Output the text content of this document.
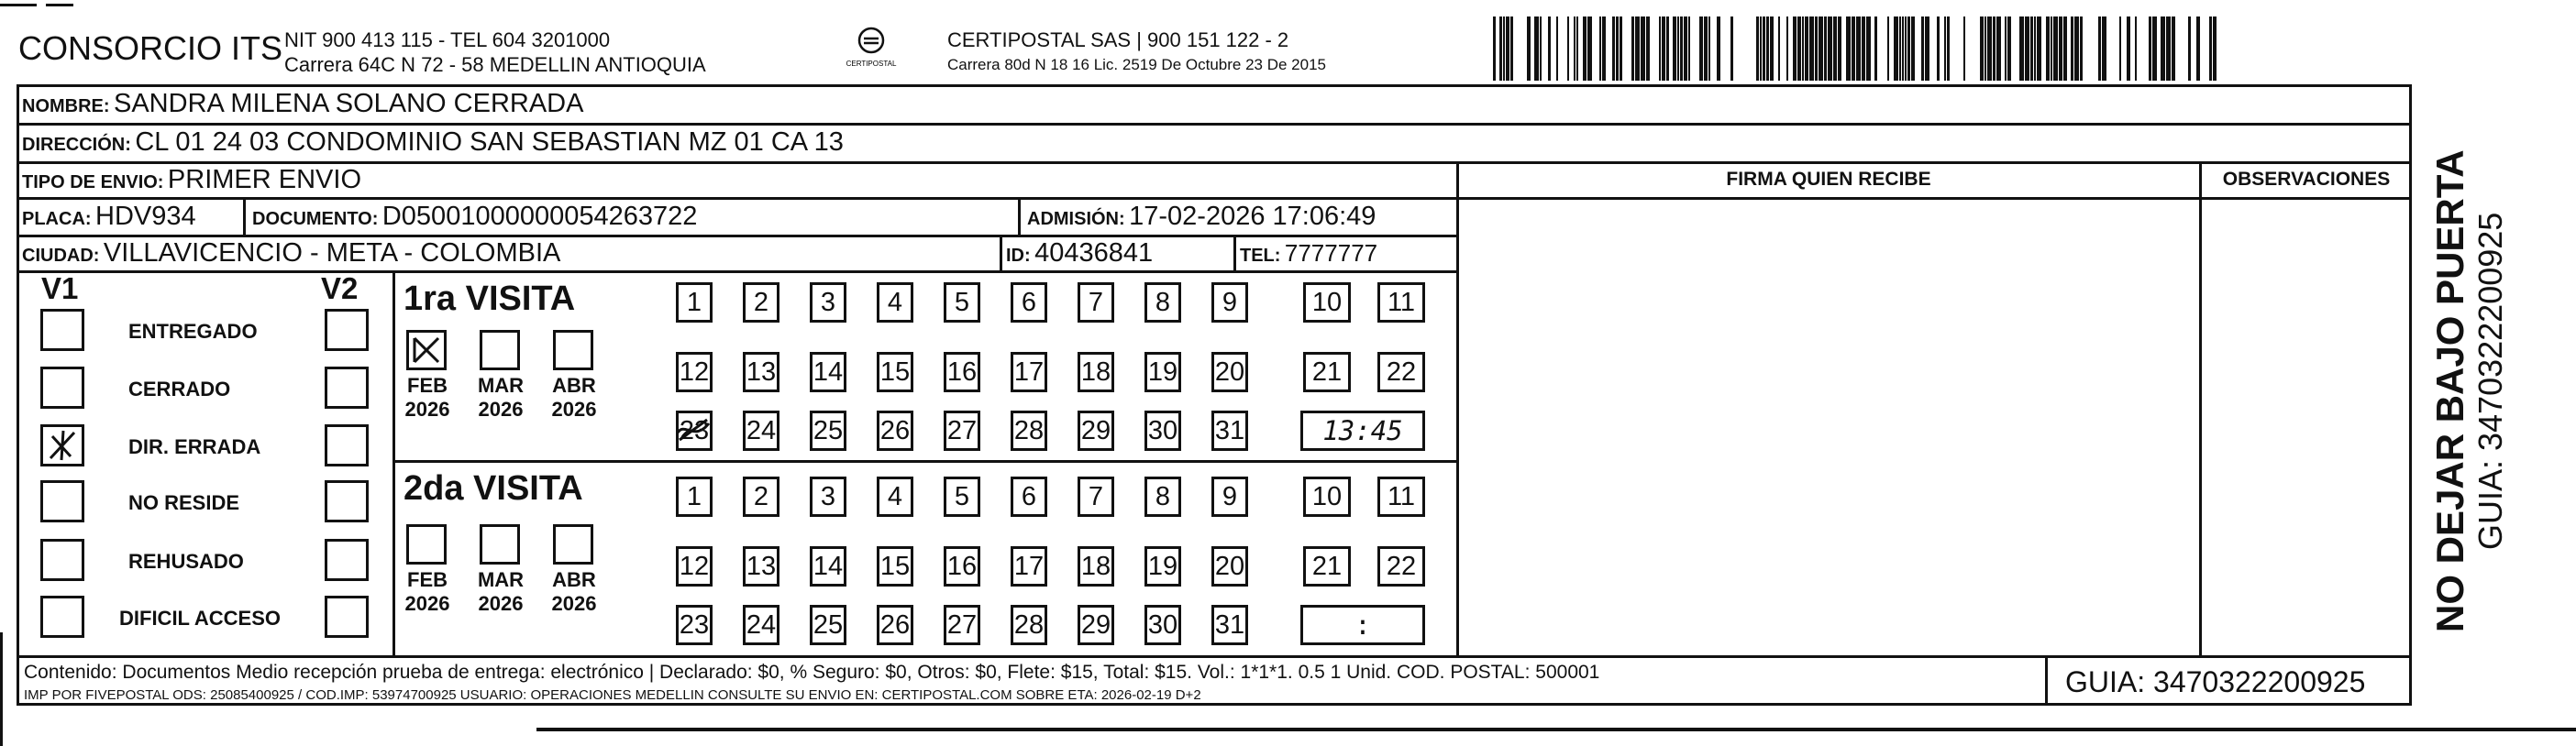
CONSORCIO ITS NIT 900 413 115 - TEL 604 3201000
Carrera 64C N 72 - 58 MEDELLIN ANTIOQUIA	CERTIPOSTAL
CERTIPOSTAL SAS | 900 151 122 - 2
Carrera 80d N 18 16 Lic. 2519 De Octubre 23 De 2015
NOMBRE: SANDRA MILENA SOLANO CERRADA
DIRECCIÓN: CL 01 24 03 CONDOMINIO SAN SEBASTIAN MZ 01 CA 13
TIPO DE ENVIO: PRIMER ENVIO
PLACA: HDV934	DOCUMENTO: D05001000000054263722	ADMISIÓN: 17-02-2026 17:06:49
CIUDAD: VILLAVICENCIO - META - COLOMBIA	ID: 40436841	TEL: 7777777
FIRMA QUIEN RECIBE	OBSERVACIONES
V1	V2
ENTREGADO
CERRADO
DIR. ERRADA
NO RESIDE
REHUSADO
DIFICIL ACCESO
1ra VISITA
2da VISITA
1	2	3	4	5	6	7	8	9	10	11
12 13 14 15 16 17 18 19 20	21	22
23 24 25 26 27 28 29 30 31	13:45
FEB
2026
MAR
2026
ABR
2026
1	2	3	4	5	6	7	8	9	10	11
12 13 14 15 16 17 18 19 20	21	22
23 24 25 26 27 28 29 30 31	:
FEB
2026
MAR
2026
ABR
2026
Contenido: Documentos Medio recepción prueba de entrega: electrónico | Declarado: $0, % Seguro: $0, Otros: $0, Flete: $15, Total: $15. Vol.: 1*1*1. 0.5 1 Unid. COD. POSTAL: 500001
IMP POR FIVEPOSTAL ODS: 25085400925 / COD.IMP: 53974700925 USUARIO: OPERACIONES MEDELLIN CONSULTE SU ENVIO EN: CERTIPOSTAL.COM SOBRE ETA: 2026-02-19 D+2	GUIA: 3470322200925
NO DEJAR BAJO PUERTA GUIA: 3470322200925
